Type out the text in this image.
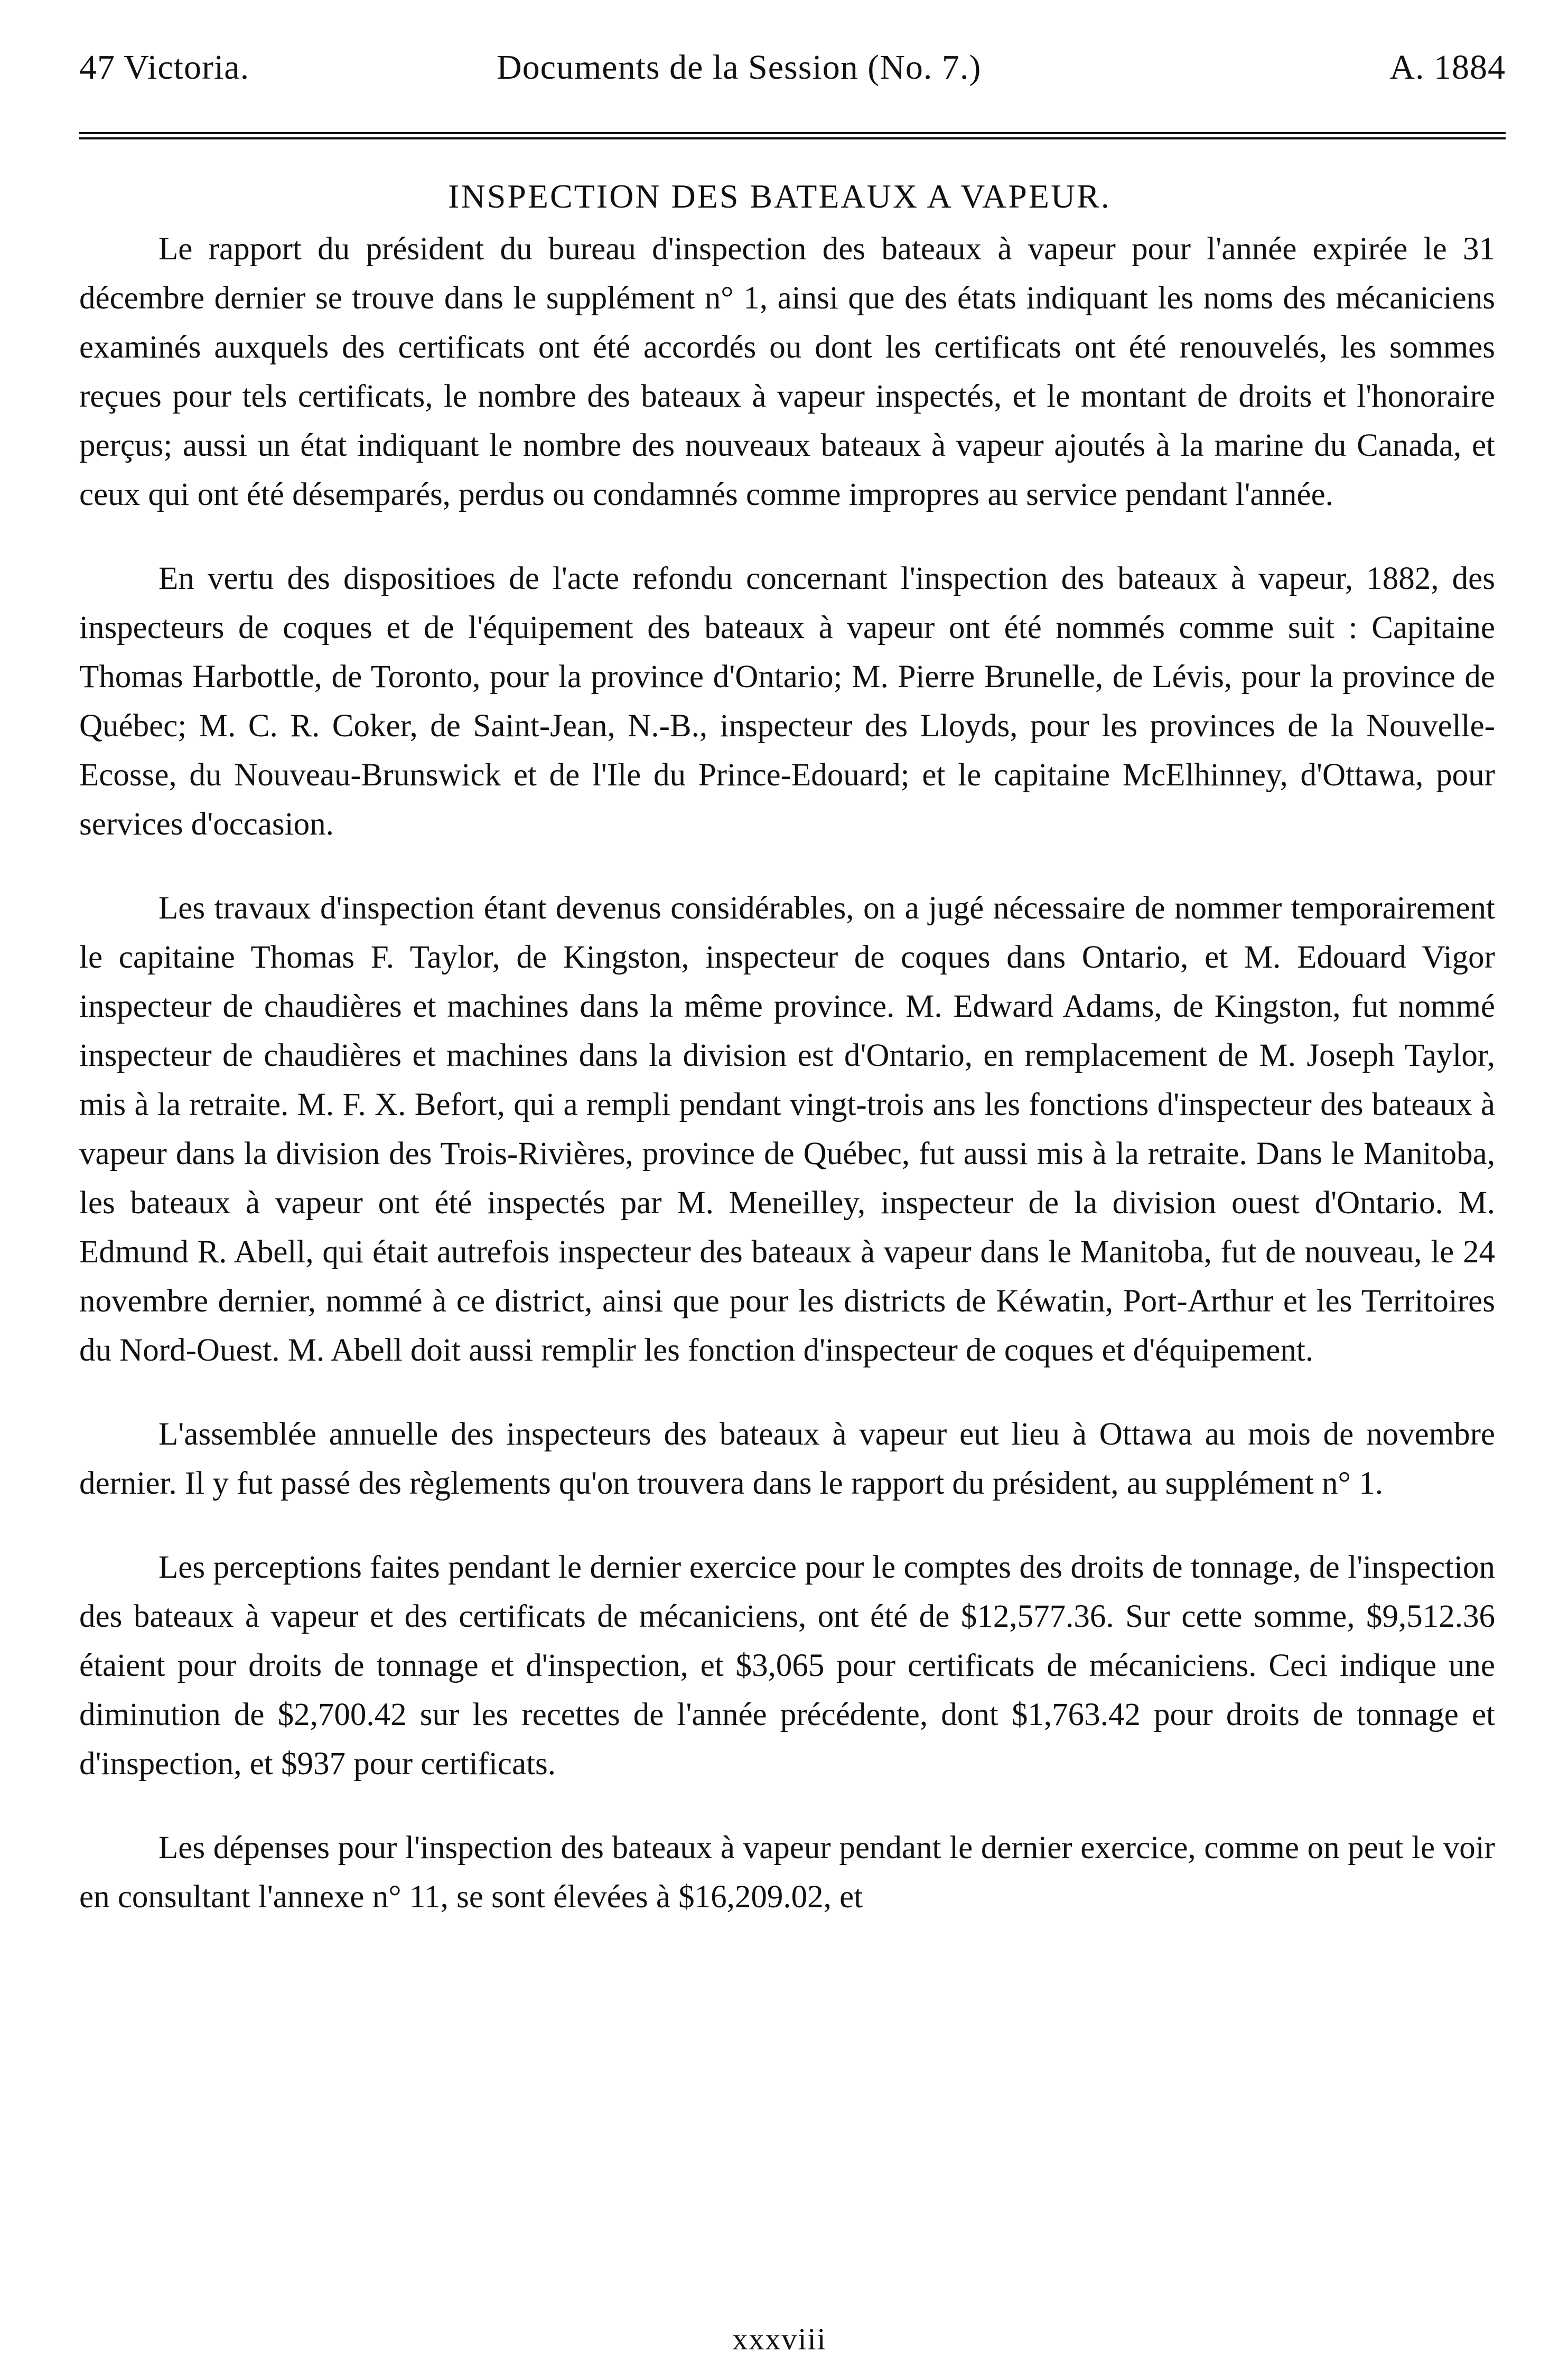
47 Victoria.	Documents de la Session (No. 7.)	A. 1884
INSPECTION DES BATEAUX A VAPEUR.

Le rapport du président du bureau d'inspection des bateaux à vapeur pour l'année expirée le 31 décembre dernier se trouve dans le supplément n° 1, ainsi que des états indiquant les noms des mécaniciens examinés auxquels des certificats ont été accordés ou dont les certificats ont été renouvelés, les sommes reçues pour tels certificats, le nombre des bateaux à vapeur inspectés, et le montant de droits et l'honoraire perçus; aussi un état indiquant le nombre des nouveaux bateaux à vapeur ajoutés à la marine du Canada, et ceux qui ont été désemparés, perdus ou condamnés comme impropres au service pendant l'année.

En vertu des dispositioes de l'acte refondu concernant l'inspection des bateaux à vapeur, 1882, des inspecteurs de coques et de l'équipement des bateaux à vapeur ont été nommés comme suit : Capitaine Thomas Harbottle, de Toronto, pour la province d'Ontario; M. Pierre Brunelle, de Lévis, pour la province de Québec; M. C. R. Coker, de Saint-Jean, N.-B., inspecteur des Lloyds, pour les provinces de la Nouvelle-Ecosse, du Nouveau-Brunswick et de l'Ile du Prince-Edouard; et le capitaine McElhinney, d'Ottawa, pour services d'occasion.

Les travaux d'inspection étant devenus considérables, on a jugé nécessaire de nommer temporairement le capitaine Thomas F. Taylor, de Kingston, inspecteur de coques dans Ontario, et M. Edouard Vigor inspecteur de chaudières et machines dans la même province. M. Edward Adams, de Kingston, fut nommé inspecteur de chaudières et machines dans la division est d'Ontario, en remplacement de M. Joseph Taylor, mis à la retraite. M. F. X. Befort, qui a rempli pendant vingt-trois ans les fonctions d'inspecteur des bateaux à vapeur dans la division des Trois-Rivières, province de Québec, fut aussi mis à la retraite. Dans le Manitoba, les bateaux à vapeur ont été inspectés par M. Meneilley, inspecteur de la division ouest d'Ontario. M. Edmund R. Abell, qui était autrefois inspecteur des bateaux à vapeur dans le Manitoba, fut de nouveau, le 24 novembre dernier, nommé à ce district, ainsi que pour les districts de Kéwatin, Port-Arthur et les Territoires du Nord-Ouest. M. Abell doit aussi remplir les fonction d'inspecteur de coques et d'équipement.

L'assemblée annuelle des inspecteurs des bateaux à vapeur eut lieu à Ottawa au mois de novembre dernier. Il y fut passé des règlements qu'on trouvera dans le rapport du président, au supplément n° 1.

Les perceptions faites pendant le dernier exercice pour le comptes des droits de tonnage, de l'inspection des bateaux à vapeur et des certificats de mécaniciens, ont été de $12,577.36. Sur cette somme, $9,512.36 étaient pour droits de tonnage et d'inspection, et $3,065 pour certificats de mécaniciens. Ceci indique une diminution de $2,700.42 sur les recettes de l'année précédente, dont $1,763.42 pour droits de tonnage et d'inspection, et $937 pour certificats.

Les dépenses pour l'inspection des bateaux à vapeur pendant le dernier exercice, comme on peut le voir en consultant l'annexe n° 11, se sont élevées à $16,209.02, et

xxxviii
